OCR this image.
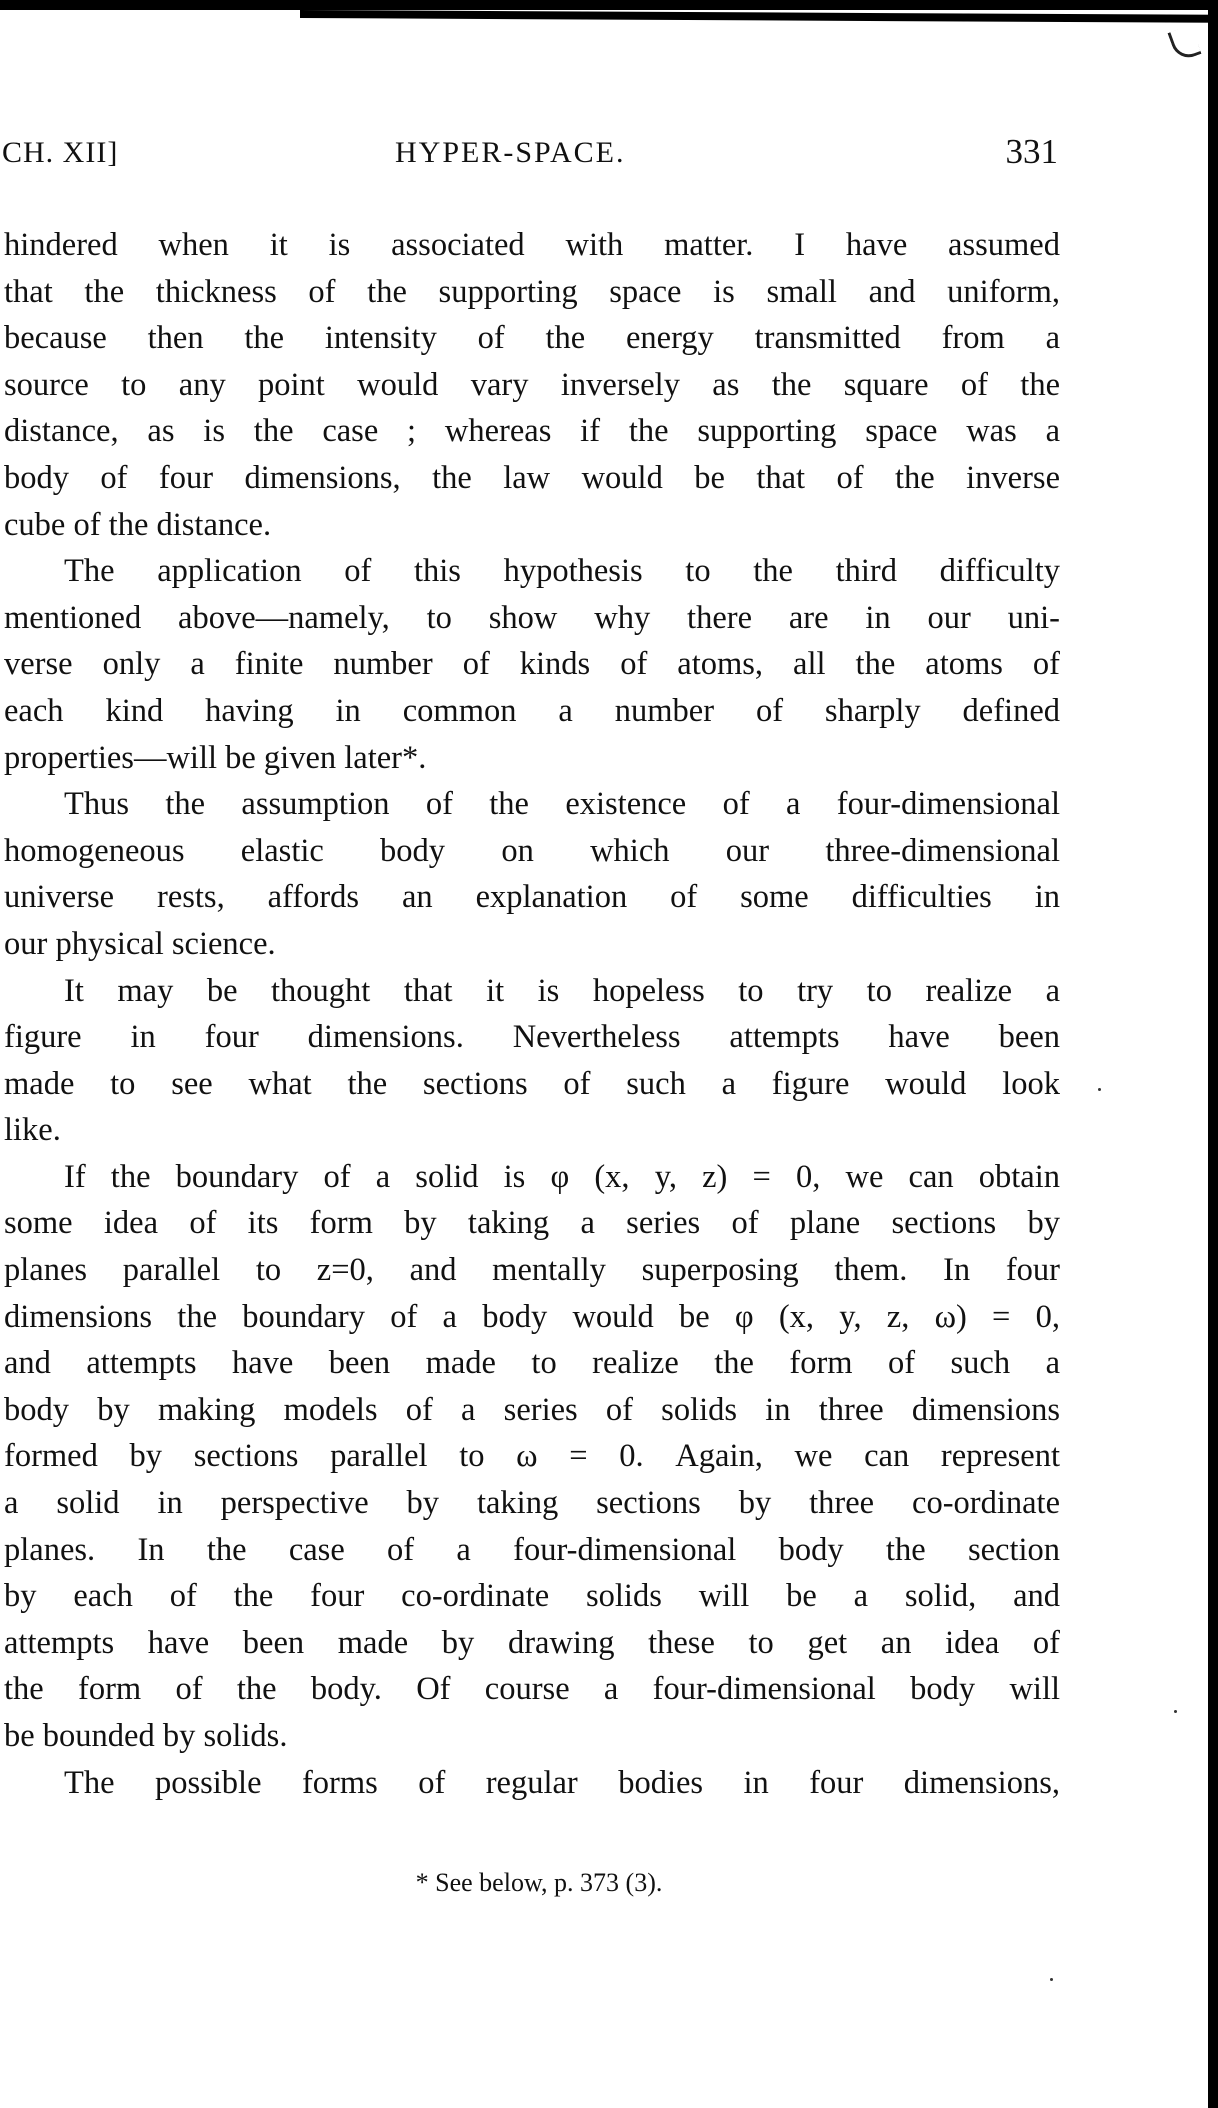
CH. XII]	HYPER-SPACE.	331
hindered when it is associated with matter. I have assumed
that the thickness of the supporting space is small and uniform,
because then the intensity of the energy transmitted from a
source to any point would vary inversely as the square of the
distance, as is the case ; whereas if the supporting space was a
body of four dimensions, the law would be that of the inverse
cube of the distance.
The application of this hypothesis to the third difficulty
mentioned above—namely, to show why there are in our uni-
verse only a finite number of kinds of atoms, all the atoms of
each kind having in common a number of sharply defined
properties—will be given later*.
Thus the assumption of the existence of a four-dimensional
homogeneous elastic body on which our three-dimensional
universe rests, affords an explanation of some difficulties in
our physical science.
It may be thought that it is hopeless to try to realize a
figure in four dimensions. Nevertheless attempts have been
made to see what the sections of such a figure would look
like.
If the boundary of a solid is φ (x, y, z) = 0, we can obtain
some idea of its form by taking a series of plane sections by
planes parallel to z=0, and mentally superposing them. In four
dimensions the boundary of a body would be φ (x, y, z, ω) = 0,
and attempts have been made to realize the form of such a
body by making models of a series of solids in three dimensions
formed by sections parallel to ω = 0. Again, we can represent
a solid in perspective by taking sections by three co-ordinate
planes. In the case of a four-dimensional body the section
by each of the four co-ordinate solids will be a solid, and
attempts have been made by drawing these to get an idea of
the form of the body. Of course a four-dimensional body will
be bounded by solids.
The possible forms of regular bodies in four dimensions,
* See below, p. 373 (3).
